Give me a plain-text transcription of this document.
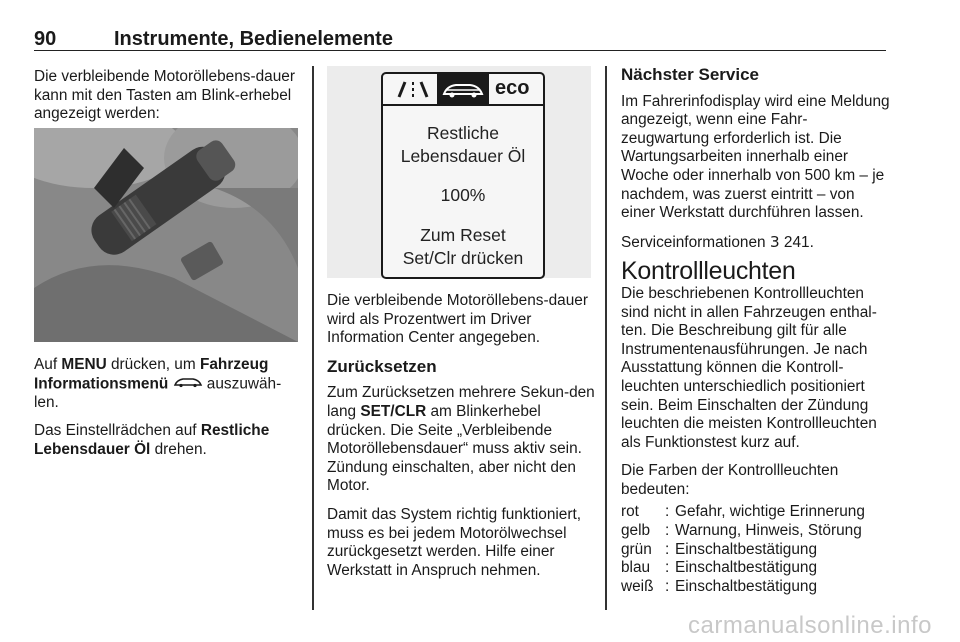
90	Instrumente, Bedienelemente

Die verbleibende Motoröllebens-dauer kann mit den Tasten am Blink-erhebel angezeigt werden:

Auf MENU drücken, um Fahrzeug Informationsmenü  auszuwäh-len.

Das Einstellrädchen auf Restliche Lebensdauer Öl drehen.

eco
Restliche
Lebensdauer Öl
100%
Zum Reset
Set/Clr drücken

Die verbleibende Motoröllebens-dauer wird als Prozentwert im Driver Information Center angegeben.

Zurücksetzen

Zum Zurücksetzen mehrere Sekun-den lang SET/CLR am Blinkerhebel drücken. Die Seite „Verbleibende Motoröllebensdauer“ muss aktiv sein. Zündung einschalten, aber nicht den Motor.

Damit das System richtig funktioniert, muss es bei jedem Motorölwechsel zurückgesetzt werden. Hilfe einer Werkstatt in Anspruch nehmen.

Nächster Service

Im Fahrerinfodisplay wird eine Meldung angezeigt, wenn eine Fahr-zeugwartung erforderlich ist. Die Wartungsarbeiten innerhalb einer Woche oder innerhalb von 500 km – je nachdem, was zuerst eintritt – von einer Werkstatt durchführen lassen.

Serviceinformationen 3 241.

Kontrollleuchten

Die beschriebenen Kontrollleuchten sind nicht in allen Fahrzeugen enthal-ten. Die Beschreibung gilt für alle Instrumentenausführungen. Je nach Ausstattung können die Kontroll-leuchten unterschiedlich positioniert sein. Beim Einschalten der Zündung leuchten die meisten Kontrollleuchten als Funktionstest kurz auf.

Die Farben der Kontrollleuchten bedeuten:

rot	: Gefahr, wichtige Erinnerung
gelb : Warnung, Hinweis, Störung
grün : Einschaltbestätigung
blau : Einschaltbestätigung
weiß : Einschaltbestätigung
carmanualsonline.info
